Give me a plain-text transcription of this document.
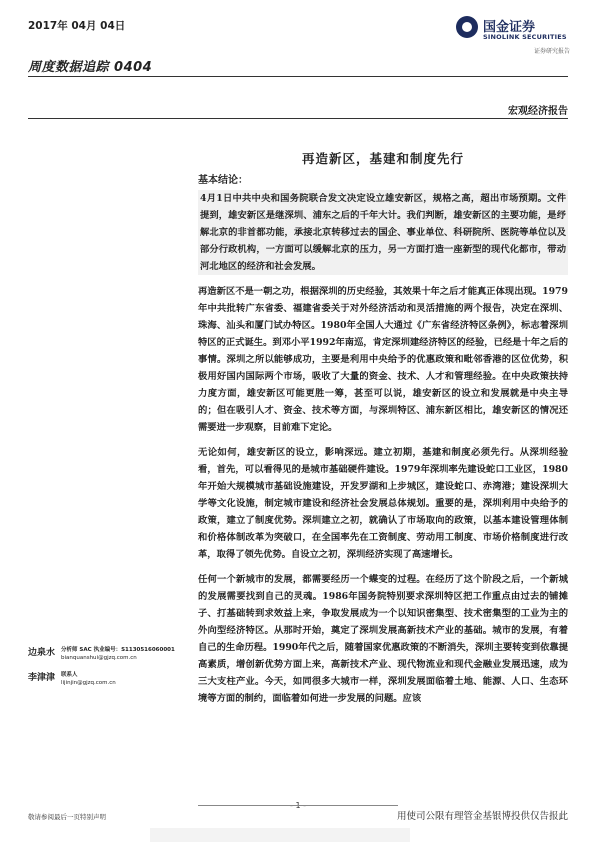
2017年 04月 04日
周度数据追踪 0404
国金证券
SINOLINK SECURITIES
证券研究报告
宏观经济报告
再造新区，基建和制度先行
基本结论：

4月1日中共中央和国务院联合发文决定设立雄安新区，规格之高，超出市场预期。文件提到，雄安新区是继深圳、浦东之后的千年大计。我们判断，雄安新区的主要功能，是纾解北京的非首都功能，承接北京转移过去的国企、事业单位、科研院所、医院等单位以及部分行政机构，一方面可以缓解北京的压力，另一方面打造一座新型的现代化都市，带动河北地区的经济和社会发展。

再造新区不是一朝之功，根据深圳的历史经验，其效果十年之后才能真正体现出现。1979年中共批转广东省委、福建省委关于对外经济活动和灵活措施的两个报告，决定在深圳、珠海、汕头和厦门试办特区。1980年全国人大通过《广东省经济特区条例》，标志着深圳特区的正式诞生。到邓小平1992年南巡，肯定深圳建经济特区的经验，已经是十年之后的事情。深圳之所以能够成功，主要是利用中央给予的优惠政策和毗邻香港的区位优势，积极用好国内国际两个市场，吸收了大量的资金、技术、人才和管理经验。在中央政策扶持力度方面，雄安新区可能更胜一筹，甚至可以说，雄安新区的设立和发展就是中央主导的；但在吸引人才、资金、技术等方面，与深圳特区、浦东新区相比，雄安新区的情况还需要进一步观察，目前难下定论。

无论如何，雄安新区的设立，影响深远。建立初期，基建和制度必须先行。从深圳经验看，首先，可以看得见的是城市基础硬件建设。1979年深圳率先建设蛇口工业区，1980年开始大规模城市基础设施建设，开发罗湖和上步城区，建设蛇口、赤湾港；建设深圳大学等文化设施，制定城市建设和经济社会发展总体规划。重要的是，深圳利用中央给予的政策，建立了制度优势。深圳建立之初，就确认了市场取向的政策，以基本建设管理体制和价格体制改革为突破口，在全国率先在工资制度、劳动用工制度、市场价格制度进行改革，取得了领先优势。自设立之初，深圳经济实现了高速增长。

任何一个新城市的发展，都需要经历一个蝶变的过程。在经历了这个阶段之后，一个新城的发展需要找到自己的灵魂。1986年国务院特别要求深圳特区把工作重点由过去的铺摊子、打基础转到求效益上来，争取发展成为一个以知识密集型、技术密集型的工业为主的外向型经济特区。从那时开始，奠定了深圳发展高新技术产业的基础。城市的发展，有着自己的生命历程。1990年代之后，随着国家优惠政策的不断消失，深圳主要转变到依靠提高素质，增创新优势方面上来，高新技术产业、现代物流业和现代金融业发展迅速，成为三大支柱产业。今天，如同很多大城市一样，深圳发展面临着土地、能源、人口、生态环境等方面的制约，面临着如何进一步发展的问题。应该

边泉水	分析师 SAC 执业编号：S1130516060001
bianquanshui@gjzq.com.cn
李津津	联系人
lijinjin@gjzq.com.cn
敬请参阅最后一页特别声明	用使司公限有理管金基银博投供仅告报此
